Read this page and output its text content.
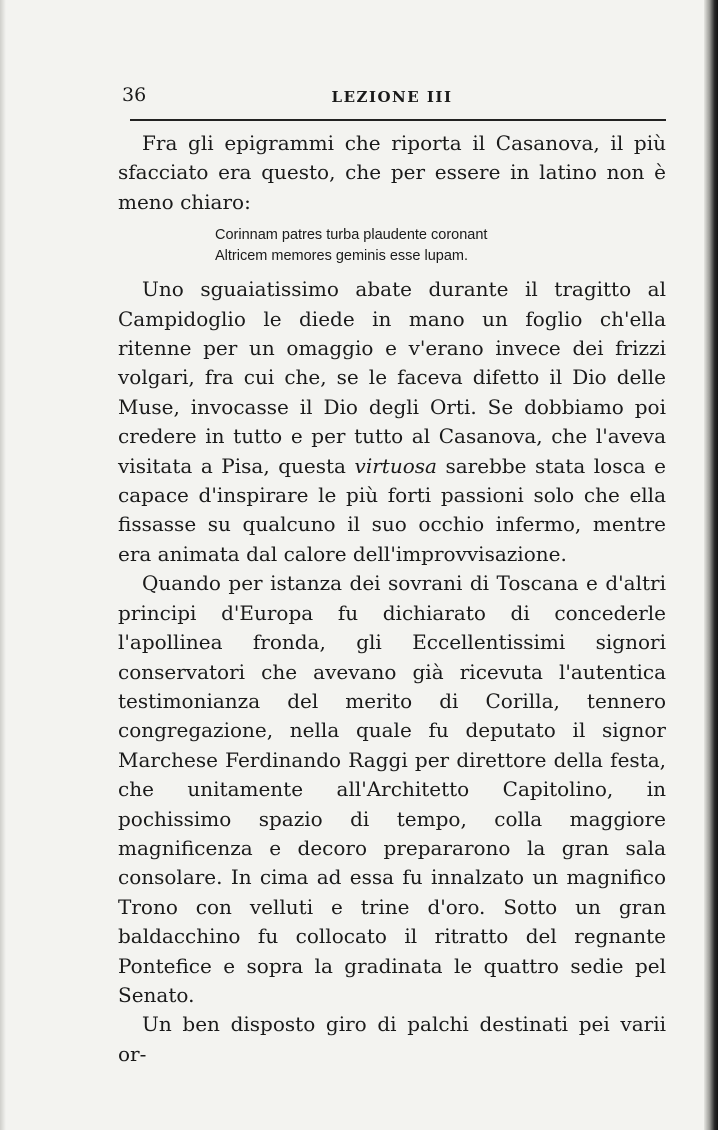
36	LEZIONE III

Fra gli epigrammi che riporta il Casanova, il più sfacciato era questo, che per essere in latino non è meno chiaro:

Corinnam patres turba plaudente coronant
Altricem memores geminis esse lupam.

Uno sguaiatissimo abate durante il tragitto al Campidoglio le diede in mano un foglio ch'ella ritenne per un omaggio e v'erano invece dei frizzi volgari, fra cui che, se le faceva difetto il Dio delle Muse, invocasse il Dio degli Orti. Se dobbiamo poi credere in tutto e per tutto al Casanova, che l'aveva visitata a Pisa, questa virtuosa sarebbe stata losca e capace d'inspirare le più forti passioni solo che ella fissasse su qualcuno il suo occhio infermo, mentre era animata dal calore dell'improvvisazione.

Quando per istanza dei sovrani di Toscana e d'altri principi d'Europa fu dichiarato di concederle l'apollinea fronda, gli Eccellentissimi signori conservatori che avevano già ricevuta l'autentica testimonianza del merito di Corilla, tennero congregazione, nella quale fu deputato il signor Marchese Ferdinando Raggi per direttore della festa, che unitamente all'Architetto Capitolino, in pochissimo spazio di tempo, colla maggiore magnificenza e decoro prepararono la gran sala consolare. In cima ad essa fu innalzato un magnifico Trono con velluti e trine d'oro. Sotto un gran baldacchino fu collocato il ritratto del regnante Pontefice e sopra la gradinata le quattro sedie pel Senato.

Un ben disposto giro di palchi destinati pei varii or-
